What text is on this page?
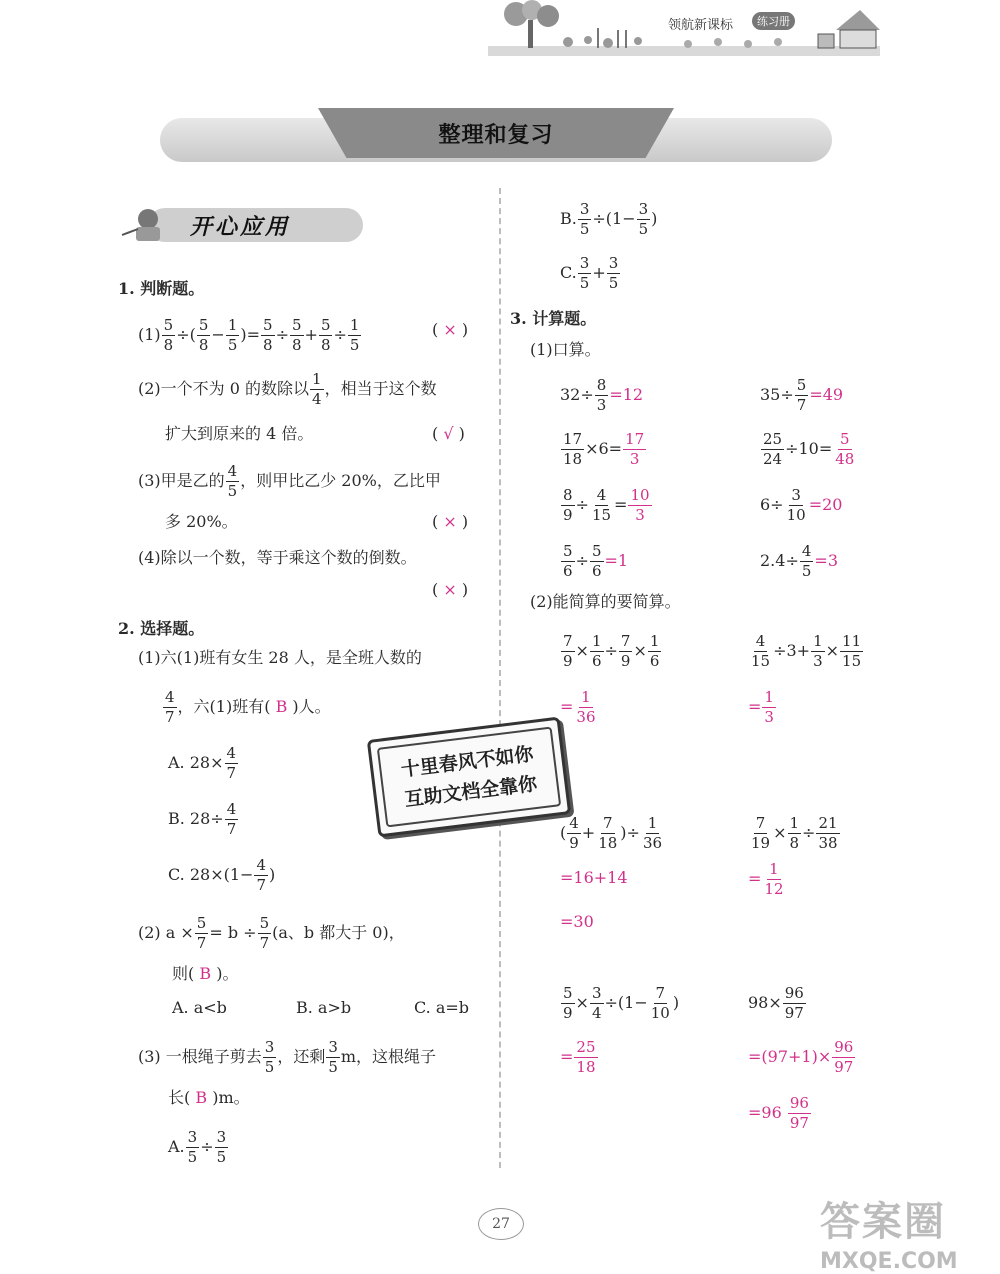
领航新课标	练习册
整理和复习
开心应用
1. 判断题。
$(1) \frac{5}{8}$ ÷( $\frac{5}{8} - \frac{1}{5}$ )= $\frac{5}{8} \div \frac{5}{8} + \frac{5}{8} \div \frac{1}{5}$	( × )
(2)一个不为 0 的数除以 $\frac{1}{4}$ ，相当于这个数
扩大到原来的 4 倍。	( √ )
(3)甲是乙的 $\frac{4}{5}$ ，则甲比乙少 20%，乙比甲
多 20%。	( × )
(4)除以一个数，等于乘这个数的倒数。
( × )
2. 选择题。
(1)六(1)班有女生 28 人，是全班人数的
$\frac{4}{7}$ ，六(1)班有( B )人。
A. $28\times \frac{4}{7}$
B. $28\div \frac{4}{7}$
C. $28\times(1- \frac{4}{7}$ )
(2) $a \times \frac{5}{7} = b \div \frac{5}{7} (a$、b 都大于 0)，
则( B )。
A. a<b	B. a>b	C. a=b
(3) 一根绳子剪去 $\frac{3}{5}$ ，还剩 $\frac{3}{5}$ m，这根绳子
长( B )m。
A. $\frac{3}{5} \div \frac{3}{5}$
B. $\frac{3}{5} \div(1- \frac{3}{5}$ )
C. $\frac{3}{5} + \frac{3}{5}$
3. 计算题。
(1)口算。
$32\div \frac{8}{3} =12$	$35\div \frac{5}{7} =49$
$\frac{17}{18} \times 6= \frac{17}{3}$	$\frac{25}{24} \div 10= \frac{5}{48}$
$\frac{8}{9} \div \frac{4}{15} = \frac{10}{3}$	$6\div \frac{3}{10} =20$
$\frac{5}{6} \div \frac{5}{6} =1$	$2.4\div \frac{4}{5} =3$
(2)能简算的要简算。
$\frac{7}{9} \times \frac{1}{6} \div \frac{7}{9} \times \frac{1}{6}$
= $\frac{1}{36}$
$\frac{4}{15} \div 3+ \frac{1}{3} \times \frac{11}{15}$
= $\frac{1}{3}$
( $\frac{4}{9} + \frac{7}{18}$ )÷ $\frac{1}{36}$
=16+14
=30
$\frac{7}{19} \times \frac{1}{8} \div \frac{21}{38}$
= $\frac{1}{12}$
$\frac{5}{9} \times \frac{3}{4} \div(1- \frac{7}{10}$ )
= $\frac{25}{18}$
$98\times \frac{96}{97}$
$=(97+1)\times \frac{96}{97}$
$=96 \frac{96}{97}$
十里春风不如你
互助文档全靠你
27	答案圈
MXQE.COM
